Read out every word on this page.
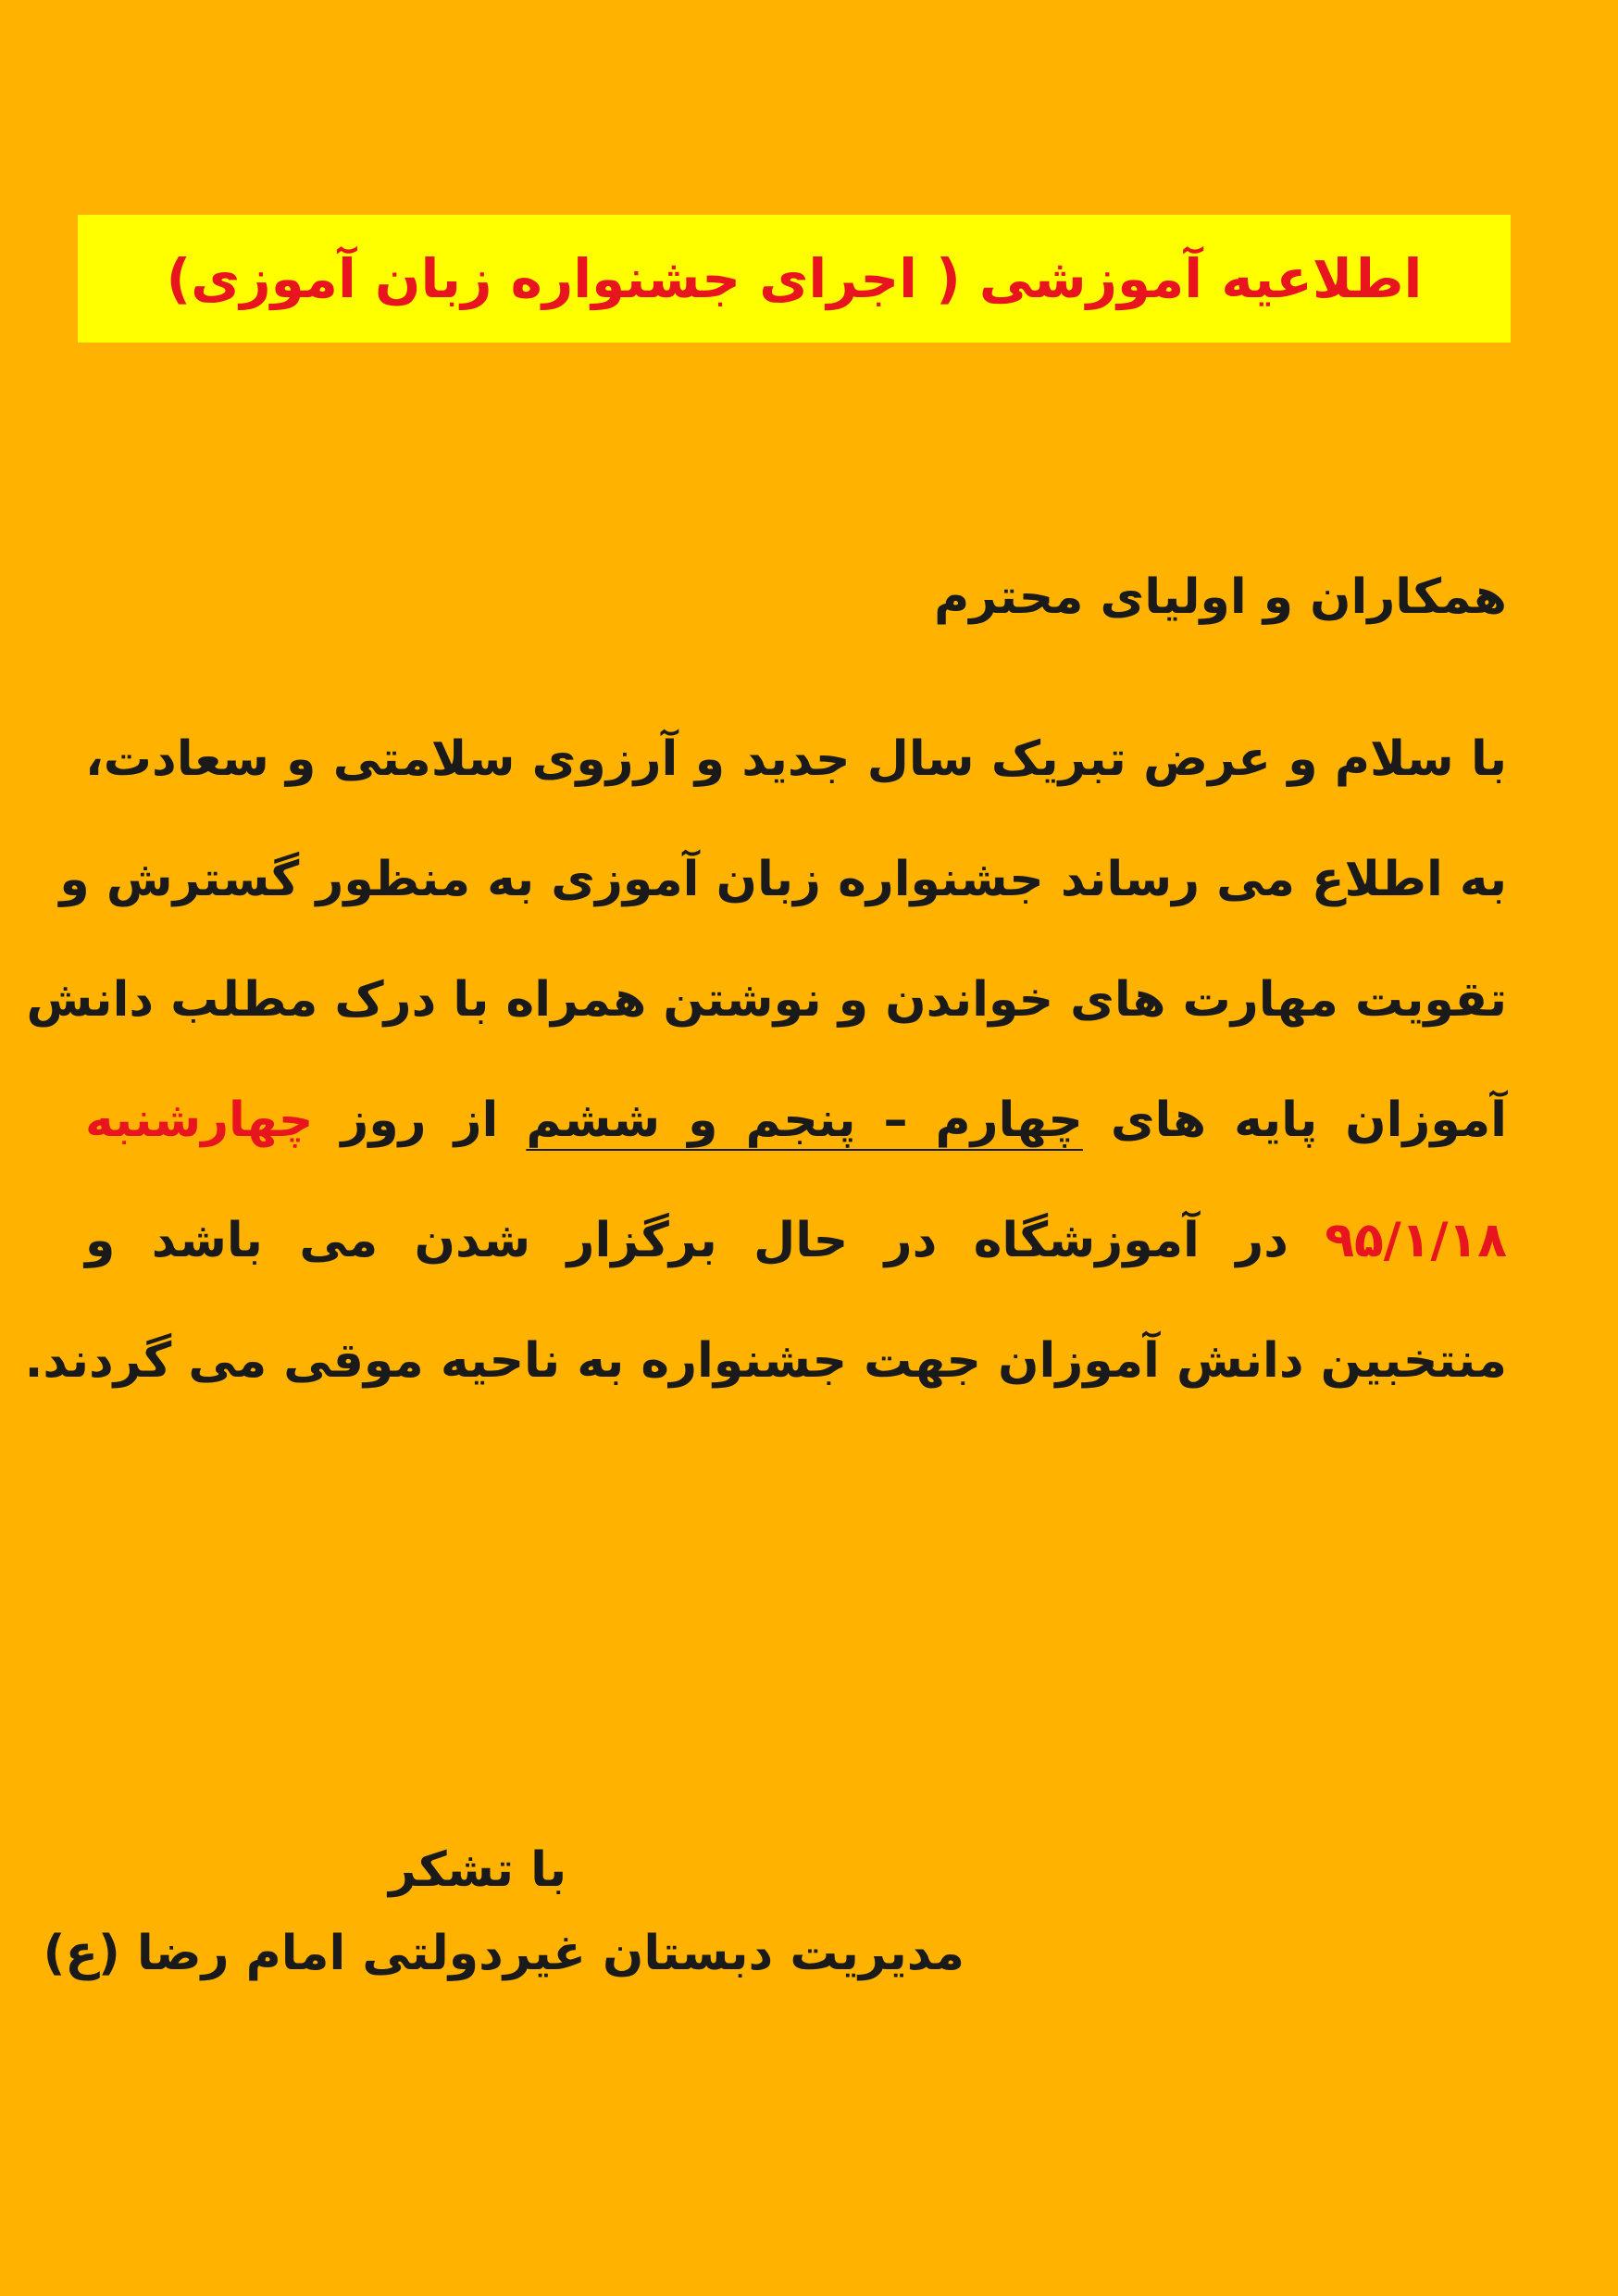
اطلاعیه آموزشی ( اجرای جشنواره زبان آموزی)
همکاران و اولیای محترم
با سلام و عرض تبریک سال جدید و آرزوی سلامتی و سعادت،
به اطلاع می رساند جشنواره زبان آموزی به منظور گسترش و
تقویت مهارت های خواندن و نوشتن همراه با درک مطلب دانش
آموزان پایه های چهارم – پنجم و ششم از روز چهارشنبه
۹۵/۱/۱۸ در آموزشگاه در حال برگزار شدن می باشد و
منتخبین دانش آموزان جهت جشنواره به ناحیه موقی می گردند.
با تشکر
مدیریت دبستان غیردولتی امام رضا (ع)
